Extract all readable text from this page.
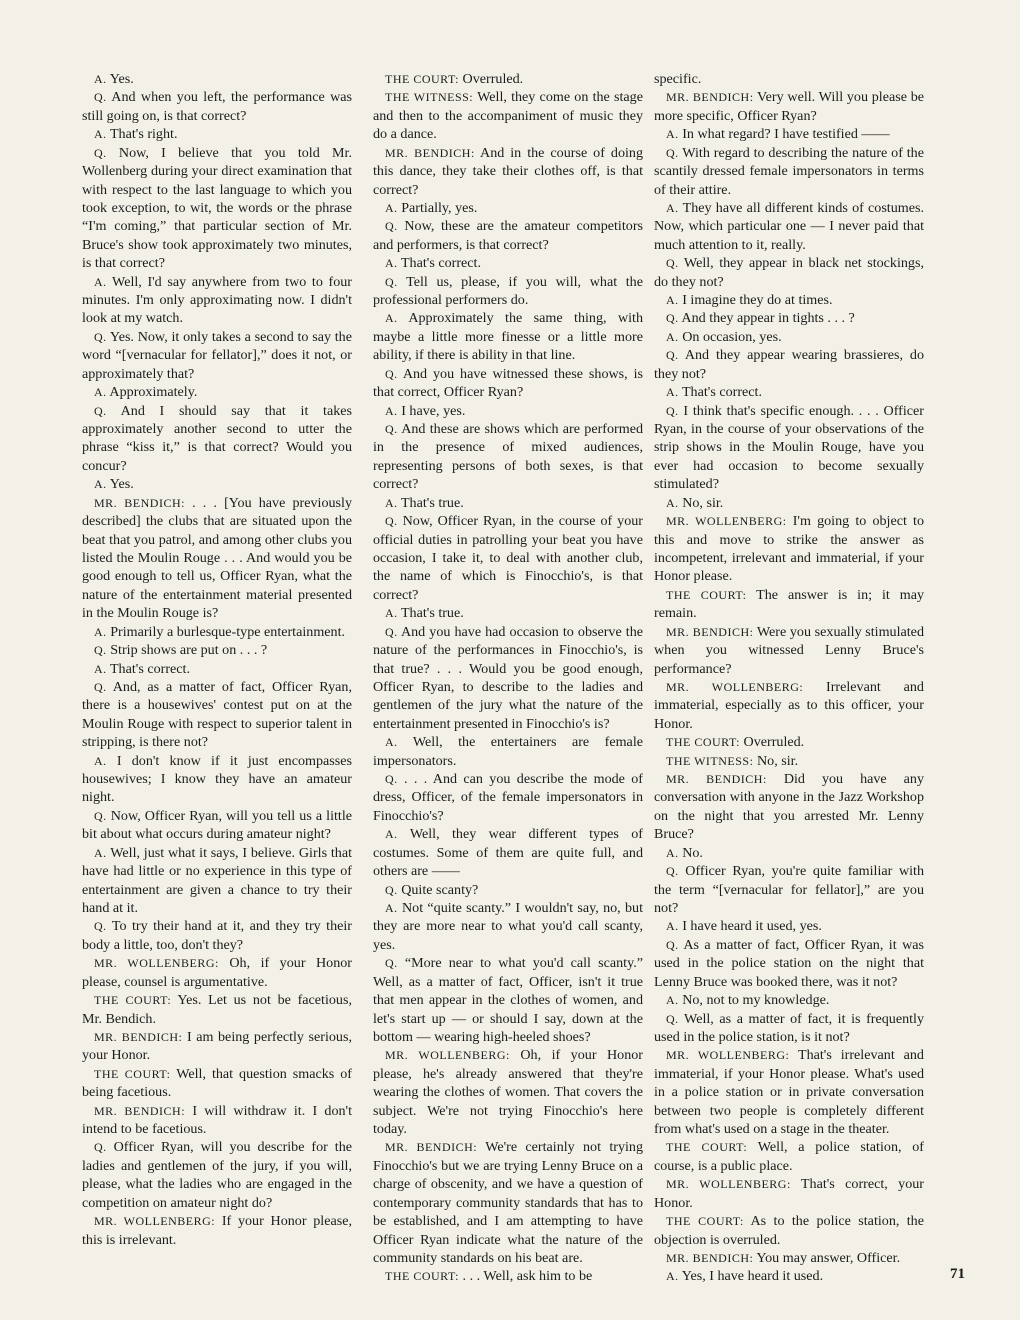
A. Yes.

Q. And when you left, the performance was still going on, is that correct?

A. That's right.

Q. Now, I believe that you told Mr. Wollenberg during your direct examination that with respect to the last language to which you took exception, to wit, the words or the phrase “I'm coming,” that particular section of Mr. Bruce's show took approximately two minutes, is that correct?

A. Well, I'd say anywhere from two to four minutes. I'm only approximating now. I didn't look at my watch.

Q. Yes. Now, it only takes a second to say the word “[vernacular for fellator],” does it not, or approximately that?

A. Approximately.

Q. And I should say that it takes approximately another second to utter the phrase “kiss it,” is that correct? Would you concur?

A. Yes.

MR. BENDICH: . . . [You have previously described] the clubs that are situated upon the beat that you patrol, and among other clubs you listed the Moulin Rouge . . . And would you be good enough to tell us, Officer Ryan, what the nature of the entertainment material presented in the Moulin Rouge is?

A. Primarily a burlesque-type entertainment.

Q. Strip shows are put on . . . ?

A. That's correct.

Q. And, as a matter of fact, Officer Ryan, there is a housewives' contest put on at the Moulin Rouge with respect to superior talent in stripping, is there not?

A. I don't know if it just encompasses housewives; I know they have an amateur night.

Q. Now, Officer Ryan, will you tell us a little bit about what occurs during amateur night?

A. Well, just what it says, I believe. Girls that have had little or no experience in this type of entertainment are given a chance to try their hand at it.

Q. To try their hand at it, and they try their body a little, too, don't they?

MR. WOLLENBERG: Oh, if your Honor please, counsel is argumentative.

THE COURT: Yes. Let us not be facetious, Mr. Bendich.

MR. BENDICH: I am being perfectly serious, your Honor.

THE COURT: Well, that question smacks of being facetious.

MR. BENDICH: I will withdraw it. I don't intend to be facetious.

Q. Officer Ryan, will you describe for the ladies and gentlemen of the jury, if you will, please, what the ladies who are engaged in the competition on amateur night do?

MR. WOLLENBERG: If your Honor please, this is irrelevant.

THE COURT: Overruled.

THE WITNESS: Well, they come on the stage and then to the accompaniment of music they do a dance.

MR. BENDICH: And in the course of doing this dance, they take their clothes off, is that correct?

A. Partially, yes.

Q. Now, these are the amateur competitors and performers, is that correct?

A. That's correct.

Q. Tell us, please, if you will, what the professional performers do.

A. Approximately the same thing, with maybe a little more finesse or a little more ability, if there is ability in that line.

Q. And you have witnessed these shows, is that correct, Officer Ryan?

A. I have, yes.

Q. And these are shows which are performed in the presence of mixed audiences, representing persons of both sexes, is that correct?

A. That's true.

Q. Now, Officer Ryan, in the course of your official duties in patrolling your beat you have occasion, I take it, to deal with another club, the name of which is Finocchio's, is that correct?

A. That's true.

Q. And you have had occasion to observe the nature of the performances in Finocchio's, is that true? . . . Would you be good enough, Officer Ryan, to describe to the ladies and gentlemen of the jury what the nature of the entertainment presented in Finocchio's is?

A. Well, the entertainers are female impersonators.

Q. . . . And can you describe the mode of dress, Officer, of the female impersonators in Finocchio's?

A. Well, they wear different types of costumes. Some of them are quite full, and others are ——

Q. Quite scanty?

A. Not “quite scanty.” I wouldn't say, no, but they are more near to what you'd call scanty, yes.

Q. “More near to what you'd call scanty.” Well, as a matter of fact, Officer, isn't it true that men appear in the clothes of women, and let's start up — or should I say, down at the bottom — wearing high-heeled shoes?

MR. WOLLENBERG: Oh, if your Honor please, he's already answered that they're wearing the clothes of women. That covers the subject. We're not trying Finocchio's here today.

MR. BENDICH: We're certainly not trying Finocchio's but we are trying Lenny Bruce on a charge of obscenity, and we have a question of contemporary community standards that has to be established, and I am attempting to have Officer Ryan indicate what the nature of the community standards on his beat are.

THE COURT: . . . Well, ask him to be

specific.

MR. BENDICH: Very well. Will you please be more specific, Officer Ryan?

A. In what regard? I have testified ——

Q. With regard to describing the nature of the scantily dressed female impersonators in terms of their attire.

A. They have all different kinds of costumes. Now, which particular one — I never paid that much attention to it, really.

Q. Well, they appear in black net stockings, do they not?

A. I imagine they do at times.

Q. And they appear in tights . . . ?

A. On occasion, yes.

Q. And they appear wearing brassieres, do they not?

A. That's correct.

Q. I think that's specific enough. . . . Officer Ryan, in the course of your observations of the strip shows in the Moulin Rouge, have you ever had occasion to become sexually stimulated?

A. No, sir.

MR. WOLLENBERG: I'm going to object to this and move to strike the answer as incompetent, irrelevant and immaterial, if your Honor please.

THE COURT: The answer is in; it may remain.

MR. BENDICH: Were you sexually stimulated when you witnessed Lenny Bruce's performance?

MR. WOLLENBERG: Irrelevant and immaterial, especially as to this officer, your Honor.

THE COURT: Overruled.

THE WITNESS: No, sir.

MR. BENDICH: Did you have any conversation with anyone in the Jazz Workshop on the night that you arrested Mr. Lenny Bruce?

A. No.

Q. Officer Ryan, you're quite familiar with the term “[vernacular for fellator],” are you not?

A. I have heard it used, yes.

Q. As a matter of fact, Officer Ryan, it was used in the police station on the night that Lenny Bruce was booked there, was it not?

A. No, not to my knowledge.

Q. Well, as a matter of fact, it is frequently used in the police station, is it not?

MR. WOLLENBERG: That's irrelevant and immaterial, if your Honor please. What's used in a police station or in private conversation between two people is completely different from what's used on a stage in the theater.

THE COURT: Well, a police station, of course, is a public place.

MR. WOLLENBERG: That's correct, your Honor.

THE COURT: As to the police station, the objection is overruled.

MR. BENDICH: You may answer, Officer.

A. Yes, I have heard it used.	71
